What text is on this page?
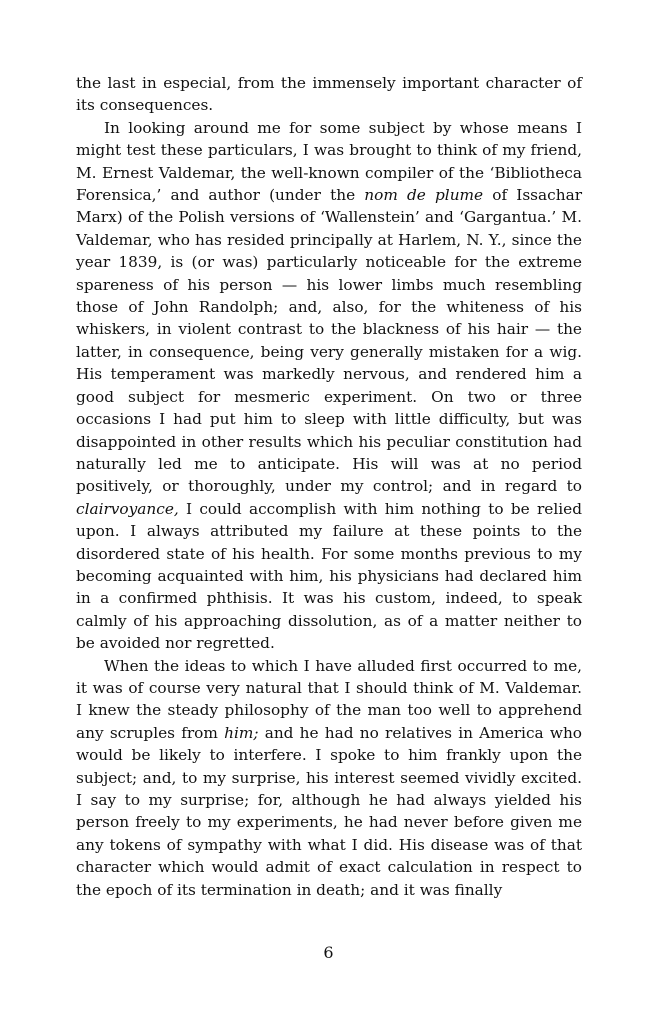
the last in especial, from the immensely important character of its consequences.

In looking around me for some subject by whose means I might test these particulars, I was brought to think of my friend, M. Ernest Valdemar, the well-known compiler of the ‘Bibliotheca Forensica,’ and author (under the nom de plume of Issachar Marx) of the Polish versions of ‘Wallenstein’ and ‘Gargantua.’ M. Valdemar, who has resided principally at Harlem, N. Y., since the year 1839, is (or was) particularly noticeable for the extreme spareness of his person — his lower limbs much resembling those of John Randolph; and, also, for the whiteness of his whiskers, in violent contrast to the blackness of his hair — the latter, in consequence, being very generally mistaken for a wig. His temperament was markedly nervous, and rendered him a good subject for mesmeric experiment. On two or three occasions I had put him to sleep with little difficulty, but was disappointed in other results which his peculiar constitution had naturally led me to anticipate. His will was at no period positively, or thoroughly, under my control; and in regard to clairvoyance, I could accomplish with him nothing to be relied upon. I always attributed my failure at these points to the disordered state of his health. For some months previous to my becoming acquainted with him, his physicians had declared him in a confirmed phthisis. It was his custom, indeed, to speak calmly of his approaching dissolution, as of a matter neither to be avoided nor regretted.

When the ideas to which I have alluded first occurred to me, it was of course very natural that I should think of M. Valdemar. I knew the steady philosophy of the man too well to apprehend any scruples from him; and he had no relatives in America who would be likely to interfere. I spoke to him frankly upon the subject; and, to my surprise, his interest seemed vividly excited. I say to my surprise; for, although he had always yielded his person freely to my experiments, he had never before given me any tokens of sympathy with what I did. His disease was of that character which would admit of exact calculation in respect to the epoch of its termination in death; and it was finally

6
